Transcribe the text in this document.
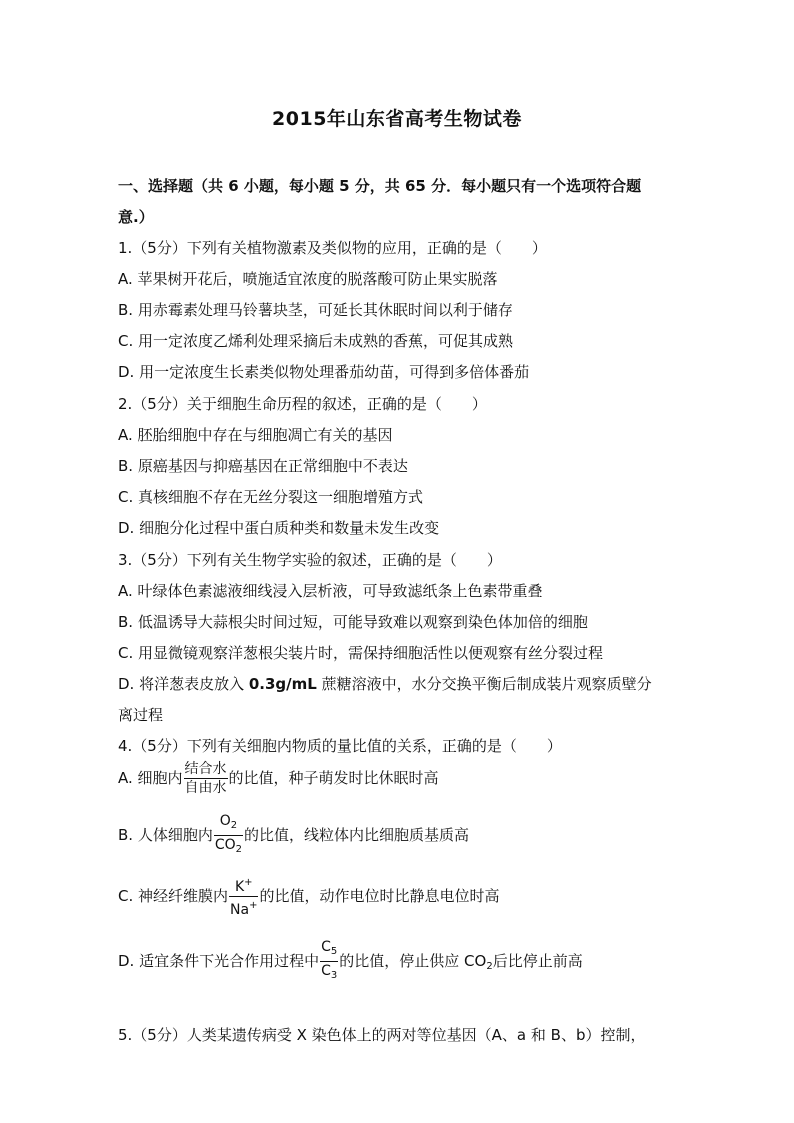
2015年山东省高考生物试卷
一、选择题（共 6 小题，每小题 5 分，共 65 分．每小题只有一个选项符合题
意.）
1.（5分）下列有关植物激素及类似物的应用，正确的是（　　）
A. 苹果树开花后，喷施适宜浓度的脱落酸可防止果实脱落
B. 用赤霉素处理马铃薯块茎，可延长其休眠时间以利于储存
C. 用一定浓度乙烯利处理采摘后未成熟的香蕉，可促其成熟
D. 用一定浓度生长素类似物处理番茄幼苗，可得到多倍体番茄
2.（5分）关于细胞生命历程的叙述，正确的是（　　）
A. 胚胎细胞中存在与细胞凋亡有关的基因
B. 原癌基因与抑癌基因在正常细胞中不表达
C. 真核细胞不存在无丝分裂这一细胞增殖方式
D. 细胞分化过程中蛋白质种类和数量未发生改变
3.（5分）下列有关生物学实验的叙述，正确的是（　　）
A. 叶绿体色素滤液细线浸入层析液，可导致滤纸条上色素带重叠
B. 低温诱导大蒜根尖时间过短，可能导致难以观察到染色体加倍的细胞
C. 用显微镜观察洋葱根尖装片时，需保持细胞活性以便观察有丝分裂过程
D. 将洋葱表皮放入 0.3g/mL 蔗糖溶液中，水分交换平衡后制成装片观察质壁分
离过程
4.（5分）下列有关细胞内物质的量比值的关系，正确的是（　　）
A. 细胞内 $\frac{\text{结合水}}{\text{自由水}}$ 的比值，种子萌发时比休眠时高
B. 人体细胞内 $\frac{O_2}{CO_2}$ 的比值，线粒体内比细胞质基质高
C. 神经纤维膜内 $\frac{K^+}{Na^+}$ 的比值，动作电位时比静息电位时高
D. 适宜条件下光合作用过程中 $\frac{C_5}{C_3}$ 的比值，停止供应 $CO_2$后比停止前高
5.（5分）人类某遗传病受 X 染色体上的两对等位基因（A、a 和 B、b）控制，
